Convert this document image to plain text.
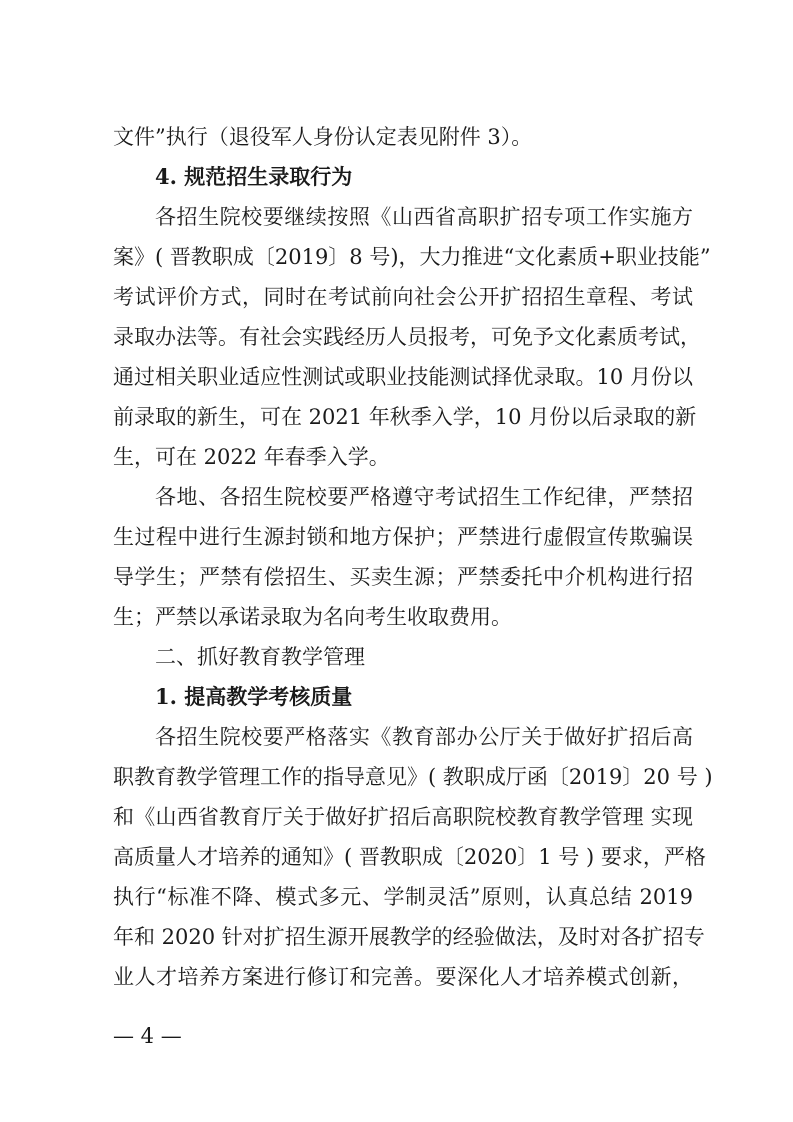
文件”执行（退役军人身份认定表见附件 3）。
4. 规范招生录取行为
各招生院校要继续按照《山西省高职扩招专项工作实施方
案》( 晋教职成〔2019〕8 号)，大力推进“文化素质+职业技能”
考试评价方式，同时在考试前向社会公开扩招招生章程、考试
录取办法等。有社会实践经历人员报考，可免予文化素质考试，
通过相关职业适应性测试或职业技能测试择优录取。10 月份以
前录取的新生，可在 2021 年秋季入学，10 月份以后录取的新
生，可在 2022 年春季入学。
各地、各招生院校要严格遵守考试招生工作纪律，严禁招
生过程中进行生源封锁和地方保护；严禁进行虚假宣传欺骗误
导学生；严禁有偿招生、买卖生源；严禁委托中介机构进行招
生；严禁以承诺录取为名向考生收取费用。
二、抓好教育教学管理
1. 提高教学考核质量
各招生院校要严格落实《教育部办公厅关于做好扩招后高
职教育教学管理工作的指导意见》( 教职成厅函〔2019〕20 号 )
和《山西省教育厅关于做好扩招后高职院校教育教学管理 实现
高质量人才培养的通知》( 晋教职成〔2020〕1 号 ) 要求，严格
执行“标准不降、模式多元、学制灵活”原则，认真总结 2019
年和 2020 针对扩招生源开展教学的经验做法，及时对各扩招专
业人才培养方案进行修订和完善。要深化人才培养模式创新，
— 4 —
